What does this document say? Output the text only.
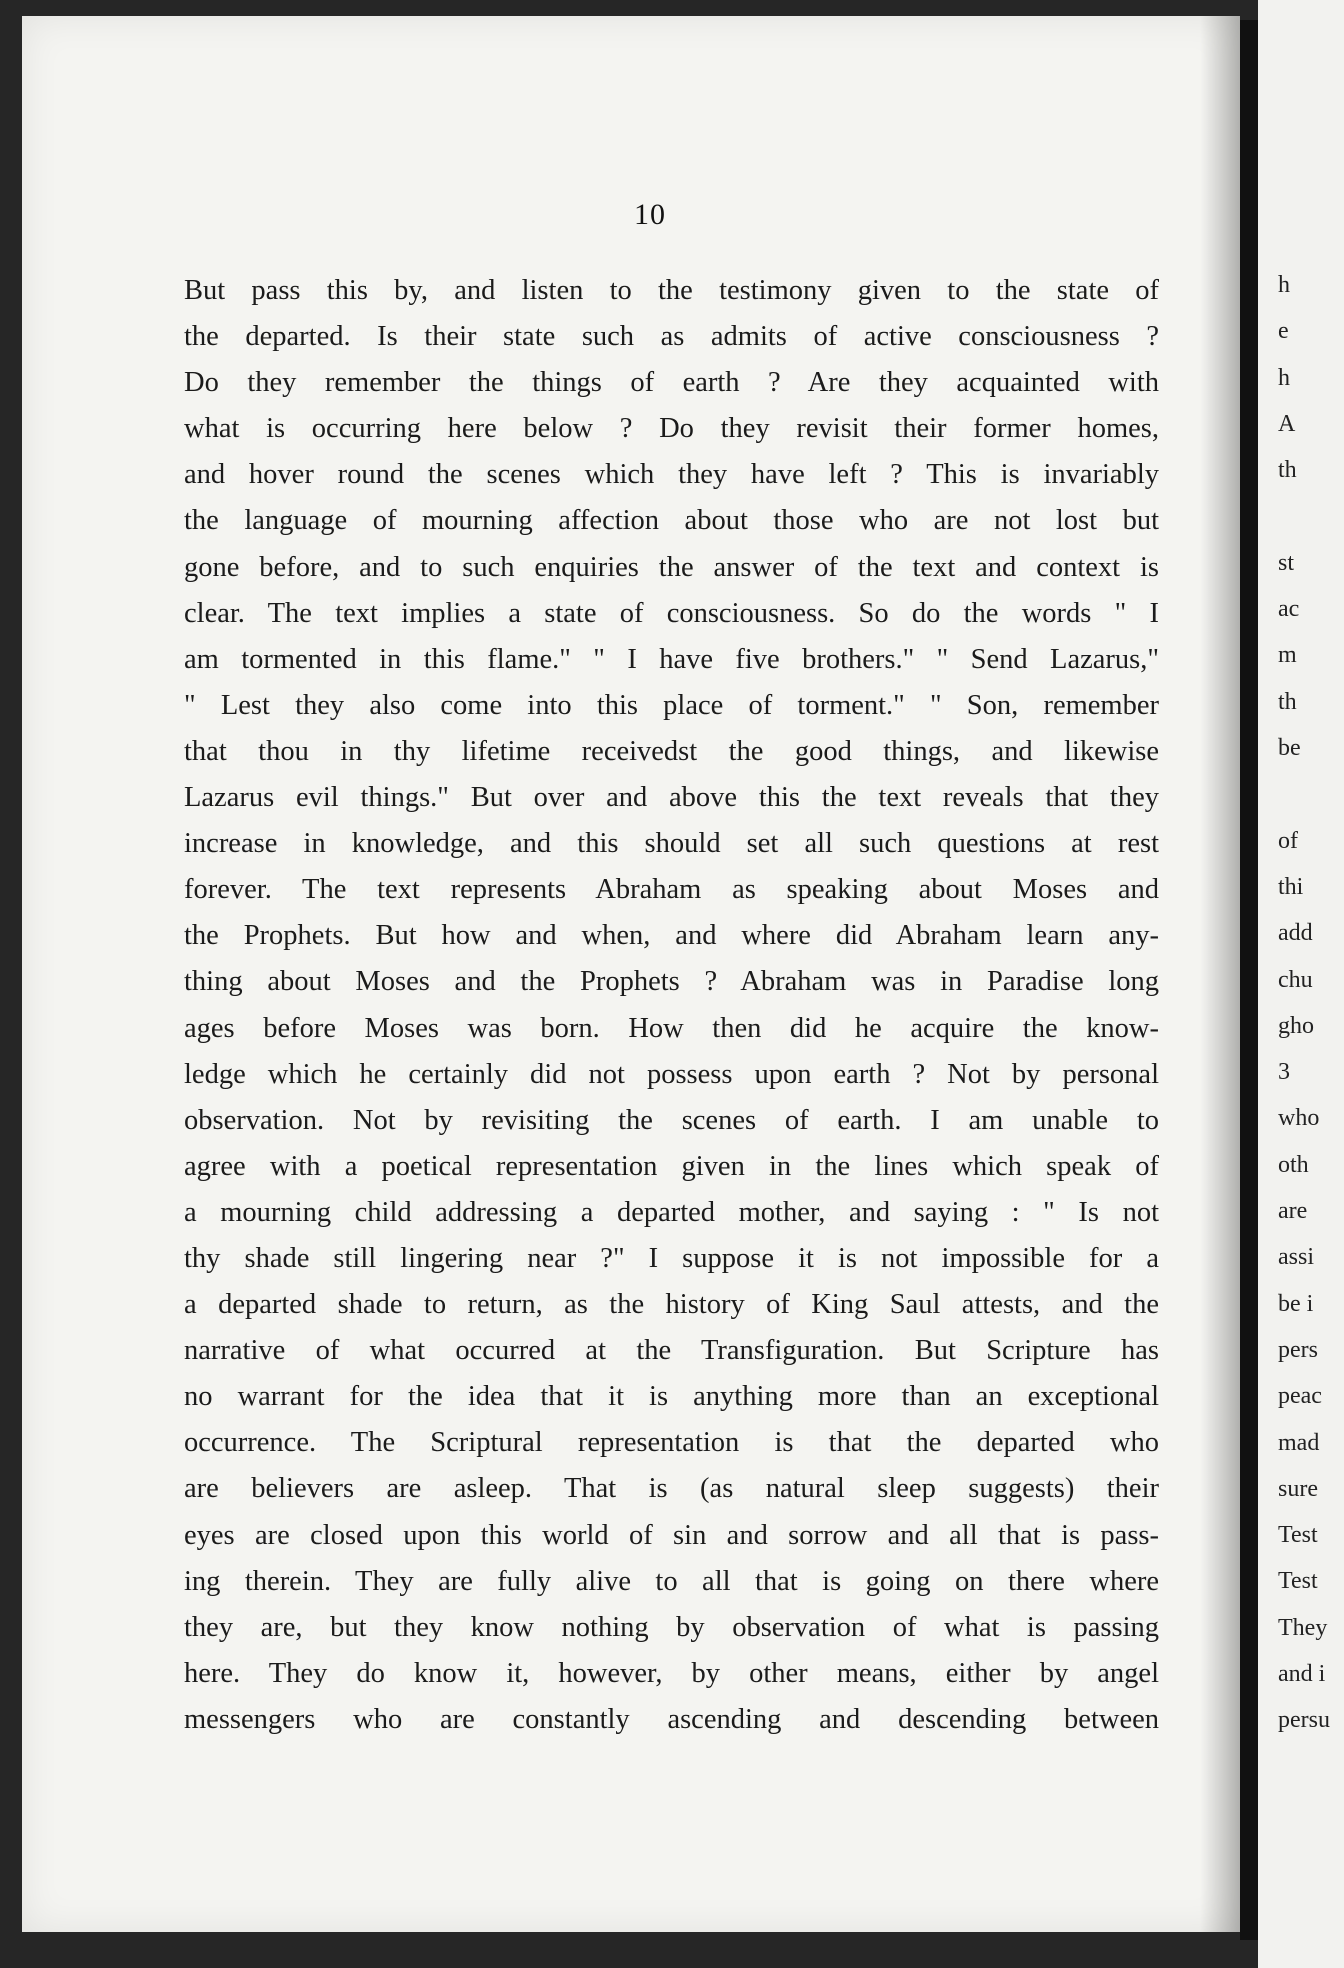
10
But pass this by, and listen to the testimony given to the state of
the departed. Is their state such as admits of active consciousness ?
Do they remember the things of earth ? Are they acquainted with
what is occurring here below ? Do they revisit their former homes,
and hover round the scenes which they have left ? This is invariably
the language of mourning affection about those who are not lost but
gone before, and to such enquiries the answer of the text and context is
clear. The text implies a state of consciousness. So do the words " I
am tormented in this flame." " I have five brothers." " Send Lazarus,"
" Lest they also come into this place of torment." " Son, remember
that thou in thy lifetime receivedst the good things, and likewise
Lazarus evil things." But over and above this the text reveals that they
increase in knowledge, and this should set all such questions at rest
forever. The text represents Abraham as speaking about Moses and
the Prophets. But how and when, and where did Abraham learn any-
thing about Moses and the Prophets ? Abraham was in Paradise long
ages before Moses was born. How then did he acquire the know-
ledge which he certainly did not possess upon earth ? Not by personal
observation. Not by revisiting the scenes of earth. I am unable to
agree with a poetical representation given in the lines which speak of
a mourning child addressing a departed mother, and saying : " Is not
thy shade still lingering near ?" I suppose it is not impossible for a
a departed shade to return, as the history of King Saul attests, and the
narrative of what occurred at the Transfiguration. But Scripture has
no warrant for the idea that it is anything more than an exceptional
occurrence. The Scriptural representation is that the departed who
are believers are asleep. That is (as natural sleep suggests) their
eyes are closed upon this world of sin and sorrow and all that is pass-
ing therein. They are fully alive to all that is going on there where
they are, but they know nothing by observation of what is passing
here. They do know it, however, by other means, either by angel
messengers who are constantly ascending and descending between
h
e
h
A
th
st
ac
m
th
be
of
thi
add
chu
gho
3
who
oth
are
assi
be i
pers
peac
mad
sure
Test
Test
They
and i
persu
